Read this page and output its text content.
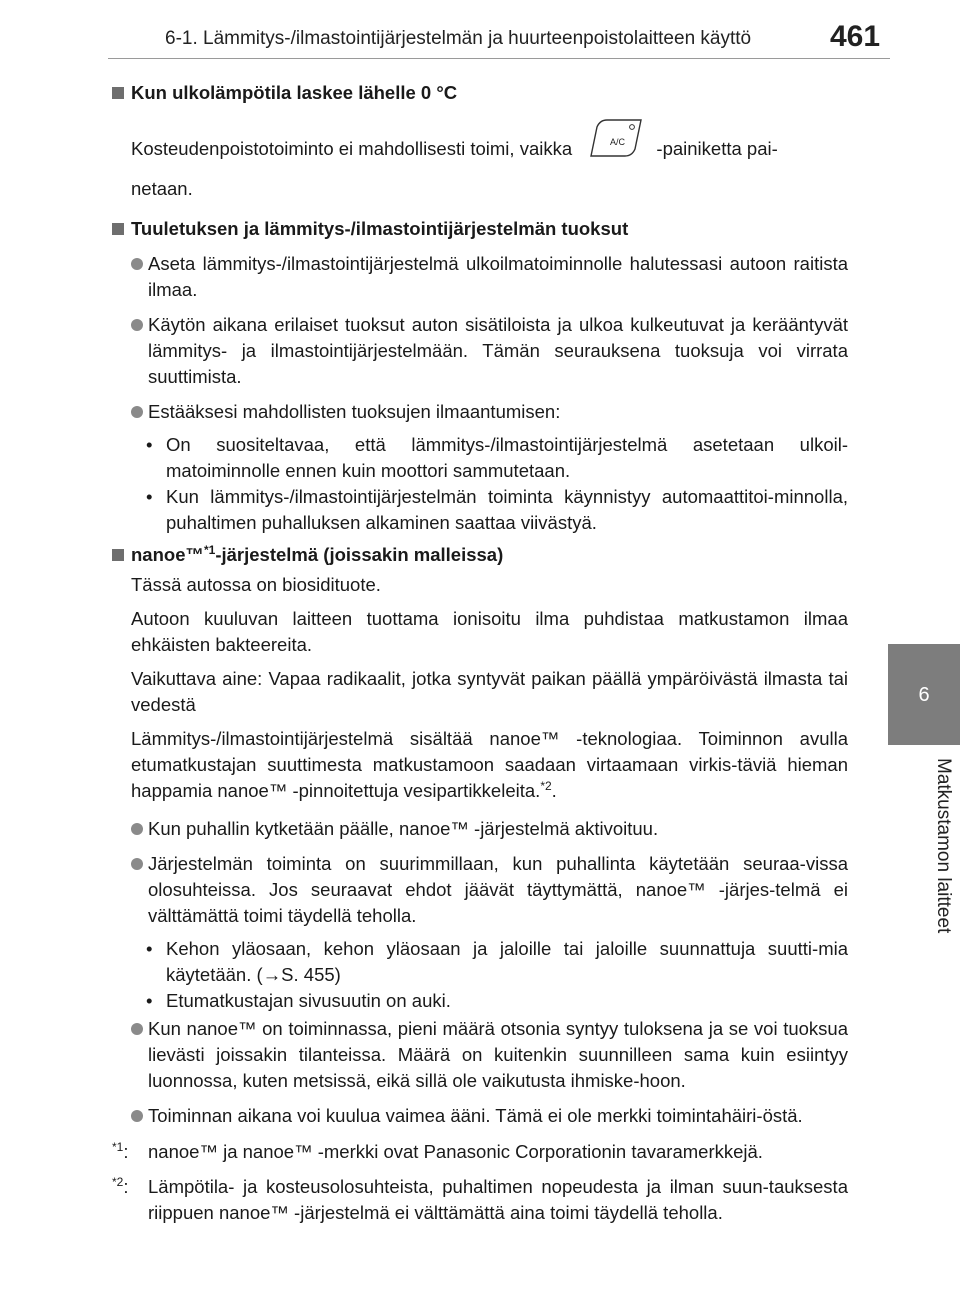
6-1. Lämmitys-/ilmastointijärjestelmän ja huurteenpoistolaitteen käyttö	461
6
Matkustamon laitteet

Kun ulkolämpötila laskee lähelle 0 °C

Kosteudenpoistotoiminto ei mahdollisesti toimi, vaikka	A/C -painiketta pai-

netaan.

Tuuletuksen ja lämmitys-/ilmastointijärjestelmän tuoksut

Aseta lämmitys-/ilmastointijärjestelmä ulkoilmatoiminnolle halutessasi autoon raitista ilmaa.

Käytön aikana erilaiset tuoksut auton sisätiloista ja ulkoa kulkeutuvat ja kerääntyvät lämmitys- ja ilmastointijärjestelmään. Tämän seurauksena tuoksuja voi virrata suuttimista.

Estääksesi mahdollisten tuoksujen ilmaantumisen:

• On suositeltavaa, että lämmitys-/ilmastointijärjestelmä asetetaan ulkoil-matoiminnolle ennen kuin moottori sammutetaan.

• Kun lämmitys-/ilmastointijärjestelmän toiminta käynnistyy automaattitoi-minnolla, puhaltimen puhalluksen alkaminen saattaa viivästyä.

nanoe™$^{*1}$-järjestelmä (joissakin malleissa)

Tässä autossa on biosidituote.

Autoon kuuluvan laitteen tuottama ionisoitu ilma puhdistaa matkustamon ilmaa ehkäisten bakteereita.

Vaikuttava aine: Vapaa radikaalit, jotka syntyvät paikan päällä ympäröivästä ilmasta tai vedestä

Lämmitys-/ilmastointijärjestelmä sisältää nanoe™ -teknologiaa. Toiminnon avulla etumatkustajan suuttimesta matkustamoon saadaan virtaamaan virkis-täviä hieman happamia nanoe™ -pinnoitettuja vesipartikkeleita.$^{*2}$.

Kun puhallin kytketään päälle, nanoe™ -järjestelmä aktivoituu.

Järjestelmän toiminta on suurimmillaan, kun puhallinta käytetään seuraa-vissa olosuhteissa. Jos seuraavat ehdot jäävät täyttymättä, nanoe™ -järjes-telmä ei välttämättä toimi täydellä teholla.

• Kehon yläosaan, kehon yläosaan ja jaloille tai jaloille suunnattuja suutti-mia käytetään. (→S. 455)

• Etumatkustajan sivusuutin on auki.

Kun nanoe™ on toiminnassa, pieni määrä otsonia syntyy tuloksena ja se voi tuoksua lievästi joissakin tilanteissa. Määrä on kuitenkin suunnilleen sama kuin esiintyy luonnossa, kuten metsissä, eikä sillä ole vaikutusta ihmiske-hoon.

Toiminnan aikana voi kuulua vaimea ääni. Tämä ei ole merkki toimintahäiri-östä.

$^{*1}$: nanoe™ ja nanoe™ -merkki ovat Panasonic Corporationin tavaramerkkejä.

$^{*2}$: Lämpötila- ja kosteusolosuhteista, puhaltimen nopeudesta ja ilman suun-tauksesta riippuen nanoe™ -järjestelmä ei välttämättä aina toimi täydellä teholla.
